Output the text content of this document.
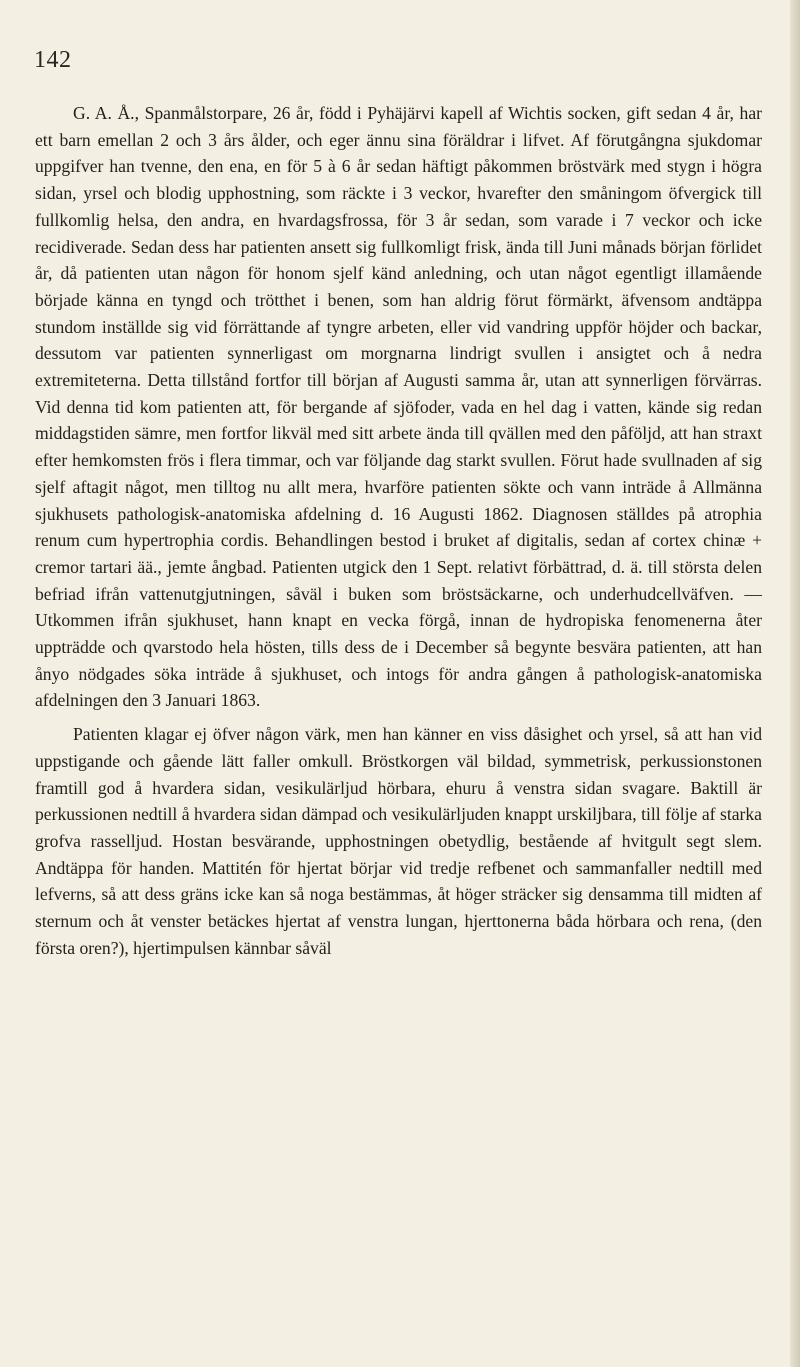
142

G. A. Å., Spanmålstorpare, 26 år, född i Pyhäjärvi kapell af Wichtis socken, gift sedan 4 år, har ett barn emellan 2 och 3 års ålder, och eger ännu sina föräldrar i lifvet. Af förutgångna sjukdomar uppgifver han tvenne, den ena, en för 5 à 6 år sedan häftigt påkommen bröstvärk med stygn i högra sidan, yrsel och blodig upphostning, som räckte i 3 veckor, hvarefter den småningom öfvergick till fullkomlig helsa, den andra, en hvardagsfrossa, för 3 år sedan, som varade i 7 veckor och icke recidiverade. Sedan dess har patienten ansett sig fullkomligt frisk, ända till Juni månads början förlidet år, då patienten utan någon för honom sjelf känd anledning, och utan något egentligt illamående började känna en tyngd och trötthet i benen, som han aldrig förut förmärkt, äfvensom andtäppa stundom inställde sig vid förrättande af tyngre arbeten, eller vid vandring uppför höjder och backar, dessutom var patienten synnerligast om morgnarna lindrigt svullen i ansigtet och å nedra extremiteterna. Detta tillstånd fortfor till början af Augusti samma år, utan att synnerligen förvärras. Vid denna tid kom patienten att, för bergande af sjöfoder, vada en hel dag i vatten, kände sig redan middagstiden sämre, men fortfor likväl med sitt arbete ända till qvällen med den påföljd, att han straxt efter hemkomsten frös i flera timmar, och var följande dag starkt svullen. Förut hade svullnaden af sig sjelf aftagit något, men tilltog nu allt mera, hvarföre patienten sökte och vann inträde å Allmänna sjukhusets pathologisk-anatomiska afdelning d. 16 Augusti 1862. Diagnosen ställdes på atrophia renum cum hypertrophia cordis. Behandlingen bestod i bruket af digitalis, sedan af cortex chinæ + cremor tartari ää., jemte ångbad. Patienten utgick den 1 Sept. relativt förbättrad, d. ä. till största delen befriad ifrån vattenutgjutningen, såväl i buken som bröstsäckarne, och underhudcellväfven. — Utkommen ifrån sjukhuset, hann knapt en vecka förgå, innan de hydropiska fenomenerna åter uppträdde och qvarstodo hela hösten, tills dess de i December så begynte besvära patienten, att han ånyo nödgades söka inträde å sjukhuset, och intogs för andra gången å pathologisk-anatomiska afdelningen den 3 Januari 1863.

Patienten klagar ej öfver någon värk, men han känner en viss dåsighet och yrsel, så att han vid uppstigande och gående lätt faller omkull. Bröstkorgen väl bildad, symmetrisk, perkussionstonen framtill god å hvardera sidan, vesikulärljud hörbara, ehuru å venstra sidan svagare. Baktill är perkussionen nedtill å hvardera sidan dämpad och vesikulärljuden knappt urskiljbara, till följe af starka grofva rasselljud. Hostan besvärande, upphostningen obetydlig, bestående af hvitgult segt slem. Andtäppa för handen. Mattitén för hjertat börjar vid tredje refbenet och sammanfaller nedtill med lefverns, så att dess gräns icke kan så noga bestämmas, åt höger sträcker sig densamma till midten af sternum och åt venster betäckes hjertat af venstra lungan, hjerttonerna båda hörbara och rena, (den första oren?), hjertimpulsen kännbar såväl
